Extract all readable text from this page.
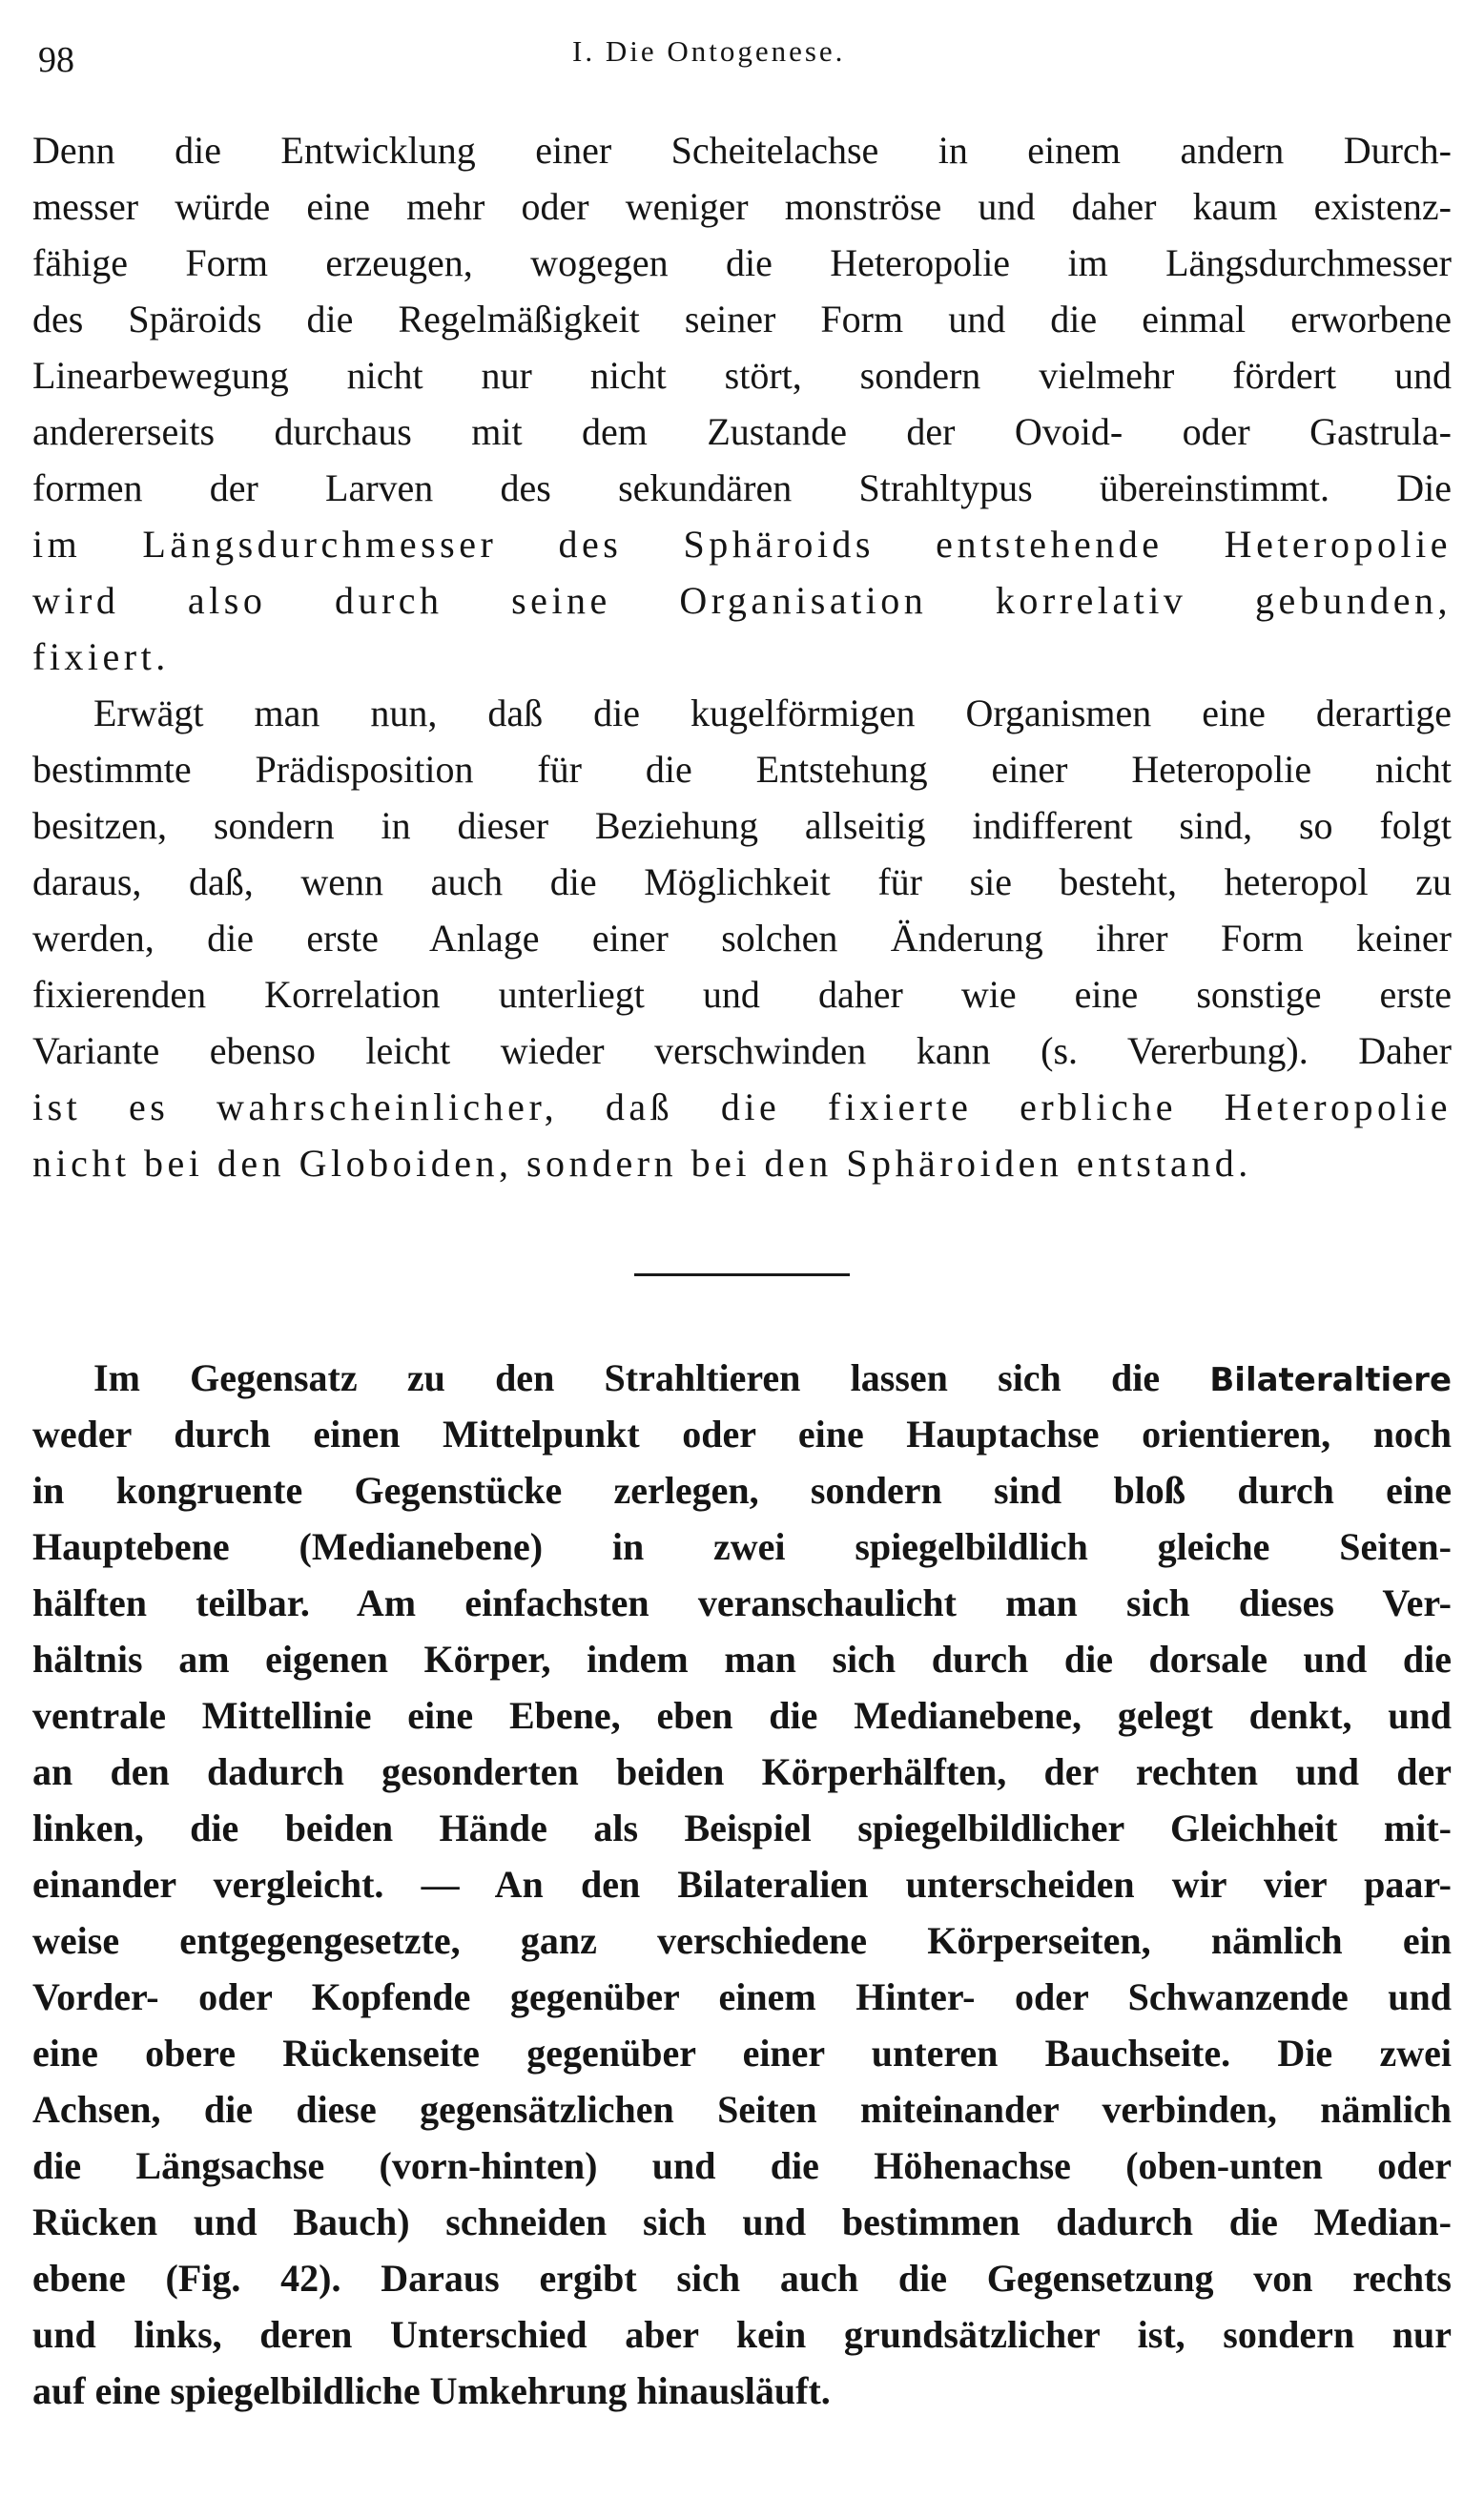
98	I. Die Ontogenese.
Denn die Entwicklung einer Scheitelachse in einem andern Durch-
messer würde eine mehr oder weniger monströse und daher kaum existenz-
fähige Form erzeugen, wogegen die Heteropolie im Längsdurchmesser
des Späroids die Regelmäßigkeit seiner Form und die einmal erworbene
Linearbewegung nicht nur nicht stört, sondern vielmehr fördert und
andererseits durchaus mit dem Zustande der Ovoid- oder Gastrula-
formen der Larven des sekundären Strahltypus übereinstimmt. Die
im Längsdurchmesser des Sphäroids entstehende Heteropolie
wird also durch seine Organisation korrelativ gebunden,
fixiert.
Erwägt man nun, daß die kugelförmigen Organismen eine derartige
bestimmte Prädisposition für die Entstehung einer Heteropolie nicht
besitzen, sondern in dieser Beziehung allseitig indifferent sind, so folgt
daraus, daß, wenn auch die Möglichkeit für sie besteht, heteropol zu
werden, die erste Anlage einer solchen Änderung ihrer Form keiner
fixierenden Korrelation unterliegt und daher wie eine sonstige erste
Variante ebenso leicht wieder verschwinden kann (s. Vererbung). Daher
ist es wahrscheinlicher, daß die fixierte erbliche Heteropolie
nicht bei den Globoiden, sondern bei den Sphäroiden entstand.
Im Gegensatz zu den Strahltieren lassen sich die Bilateraltiere
weder durch einen Mittelpunkt oder eine Hauptachse orientieren, noch
in kongruente Gegenstücke zerlegen, sondern sind bloß durch eine
Hauptebene (Medianebene) in zwei spiegelbildlich gleiche Seiten-
hälften teilbar. Am einfachsten veranschaulicht man sich dieses Ver-
hältnis am eigenen Körper, indem man sich durch die dorsale und die
ventrale Mittellinie eine Ebene, eben die Medianebene, gelegt denkt, und
an den dadurch gesonderten beiden Körperhälften, der rechten und der
linken, die beiden Hände als Beispiel spiegelbildlicher Gleichheit mit-
einander vergleicht. — An den Bilateralien unterscheiden wir vier paar-
weise entgegengesetzte, ganz verschiedene Körperseiten, nämlich ein
Vorder- oder Kopfende gegenüber einem Hinter- oder Schwanzende und
eine obere Rückenseite gegenüber einer unteren Bauchseite. Die zwei
Achsen, die diese gegensätzlichen Seiten miteinander verbinden, nämlich
die Längsachse (vorn-hinten) und die Höhenachse (oben-unten oder
Rücken und Bauch) schneiden sich und bestimmen dadurch die Median-
ebene (Fig. 42). Daraus ergibt sich auch die Gegensetzung von rechts
und links, deren Unterschied aber kein grundsätzlicher ist, sondern nur
auf eine spiegelbildliche Umkehrung hinausläuft.
